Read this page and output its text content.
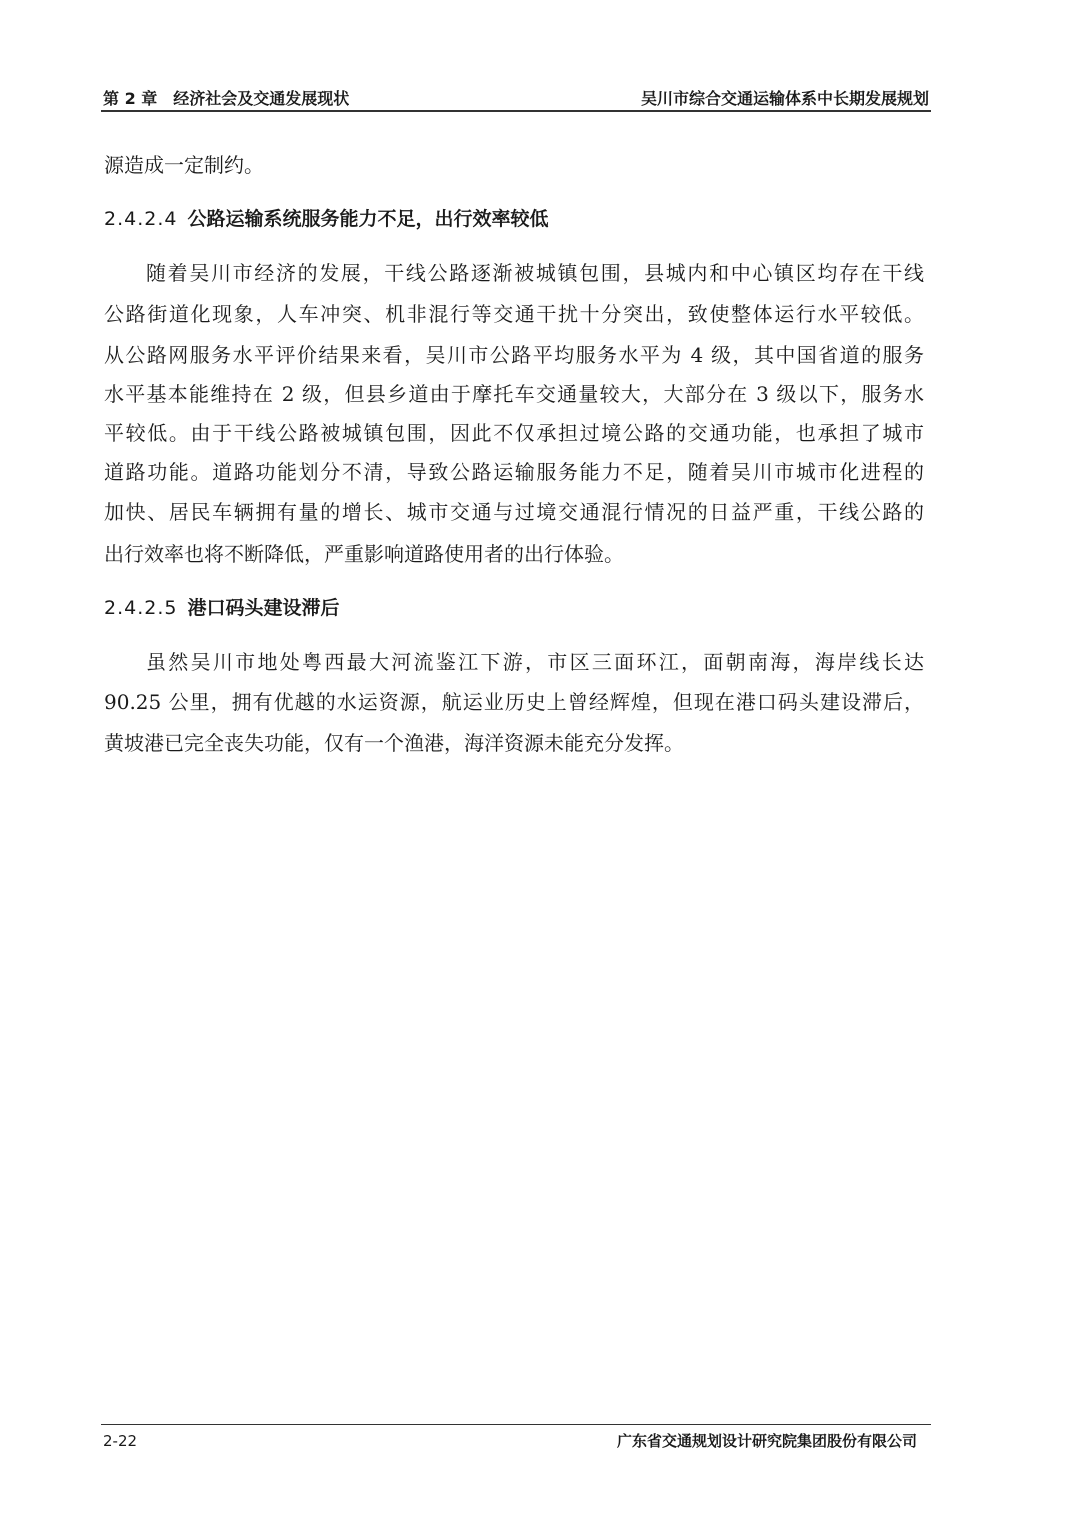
第 2 章　经济社会及交通发展现状	吴川市综合交通运输体系中长期发展规划
源造成一定制约。
2.4.2.4 公路运输系统服务能力不足，出行效率较低
随着吴川市经济的发展，干线公路逐渐被城镇包围，县城内和中心镇区均存在干线
公路街道化现象，人车冲突、机非混行等交通干扰十分突出，致使整体运行水平较低。
从公路网服务水平评价结果来看，吴川市公路平均服务水平为 4 级，其中国省道的服务
水平基本能维持在 2 级，但县乡道由于摩托车交通量较大，大部分在 3 级以下，服务水
平较低。由于干线公路被城镇包围，因此不仅承担过境公路的交通功能，也承担了城市
道路功能。道路功能划分不清，导致公路运输服务能力不足，随着吴川市城市化进程的
加快、居民车辆拥有量的增长、城市交通与过境交通混行情况的日益严重，干线公路的
出行效率也将不断降低，严重影响道路使用者的出行体验。
2.4.2.5 港口码头建设滞后
虽然吴川市地处粤西最大河流鉴江下游，市区三面环江，面朝南海，海岸线长达
90.25 公里，拥有优越的水运资源，航运业历史上曾经辉煌，但现在港口码头建设滞后，
黄坡港已完全丧失功能，仅有一个渔港，海洋资源未能充分发挥。
2-22	广东省交通规划设计研究院集团股份有限公司
